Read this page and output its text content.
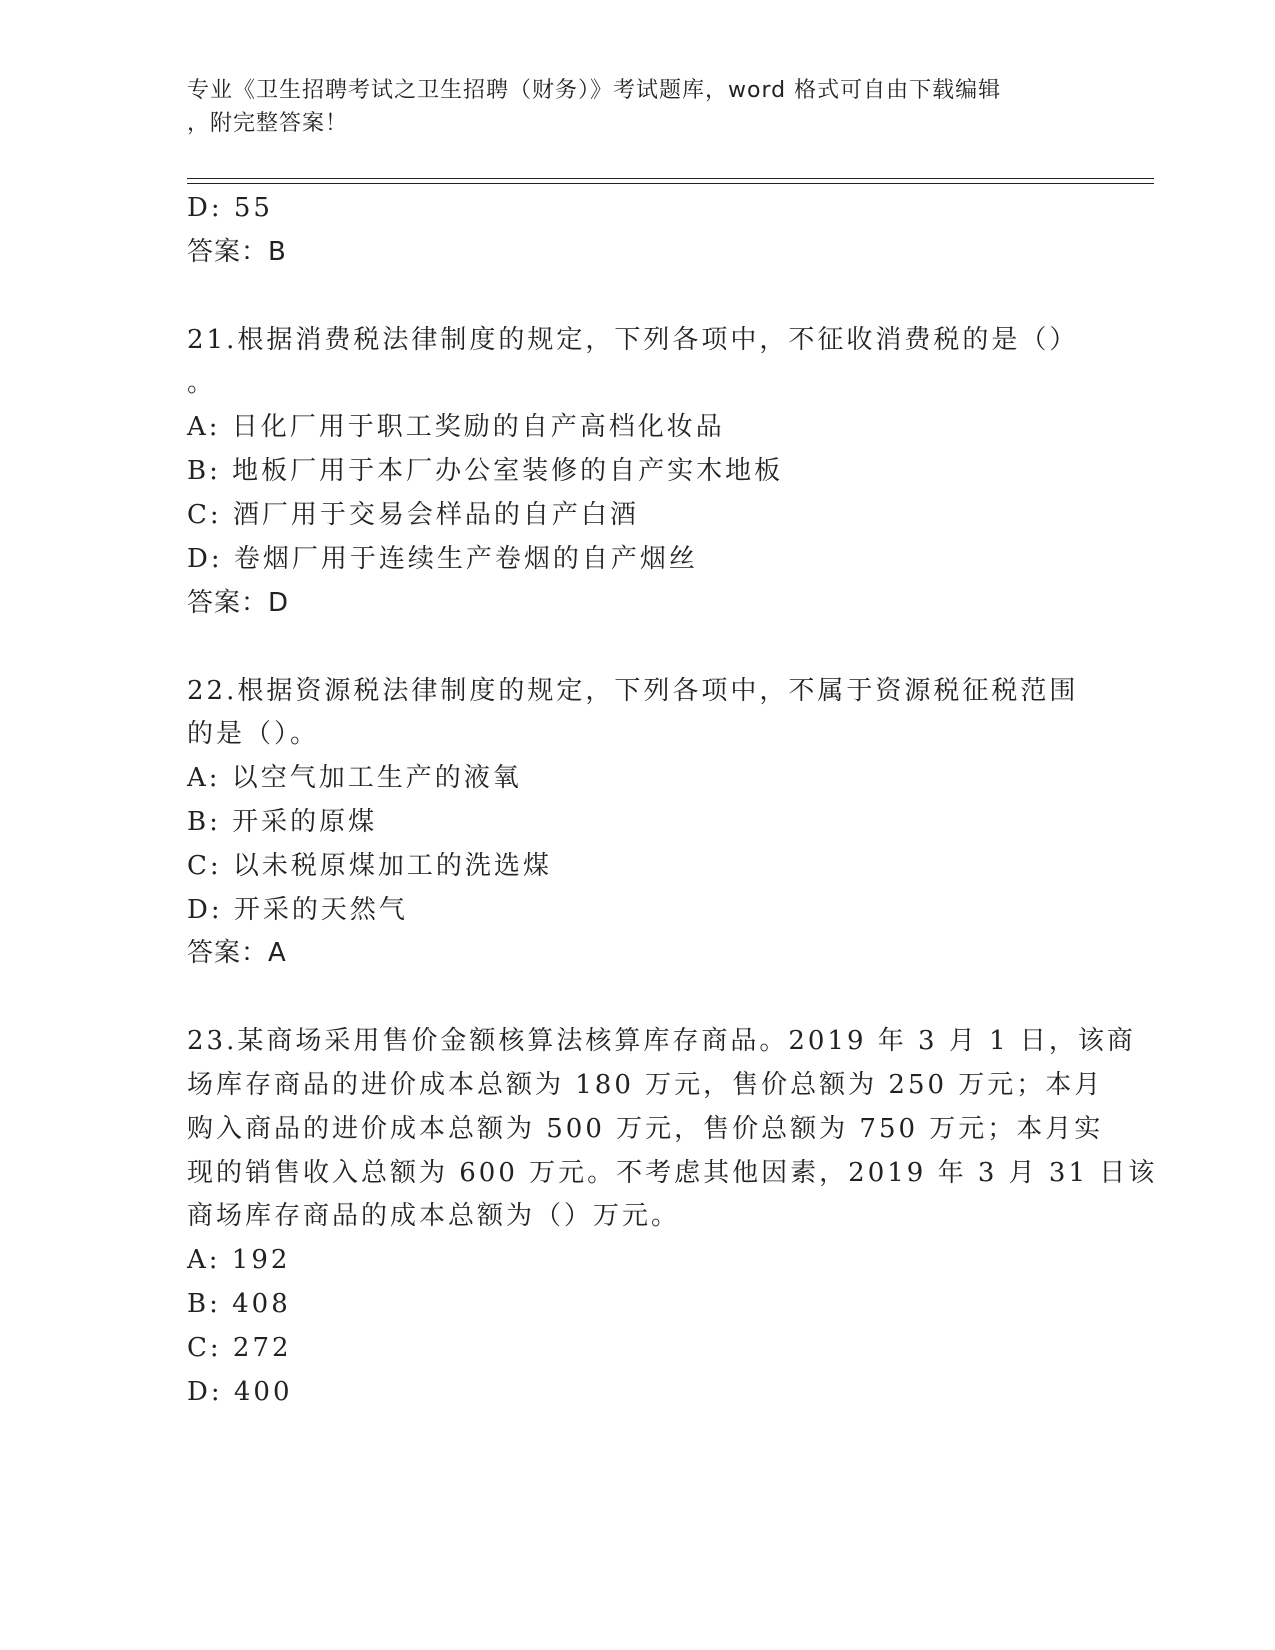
专业《卫生招聘考试之卫生招聘（财务）》考试题库，word 格式可自由下载编辑
，附完整答案！
D: 55
答案：B
21.根据消费税法律制度的规定，下列各项中，不征收消费税的是（）
。
A: 日化厂用于职工奖励的自产高档化妆品
B: 地板厂用于本厂办公室装修的自产实木地板
C: 酒厂用于交易会样品的自产白酒
D: 卷烟厂用于连续生产卷烟的自产烟丝
答案：D
22.根据资源税法律制度的规定，下列各项中，不属于资源税征税范围
的是（）。
A: 以空气加工生产的液氧
B: 开采的原煤
C: 以未税原煤加工的洗选煤
D: 开采的天然气
答案：A
23.某商场采用售价金额核算法核算库存商品。2019 年 3 月 1 日，该商
场库存商品的进价成本总额为 180 万元，售价总额为 250 万元；本月
购入商品的进价成本总额为 500 万元，售价总额为 750 万元；本月实
现的销售收入总额为 600 万元。不考虑其他因素，2019 年 3 月 31 日该
商场库存商品的成本总额为（）万元。
A: 192
B: 408
C: 272
D: 400
